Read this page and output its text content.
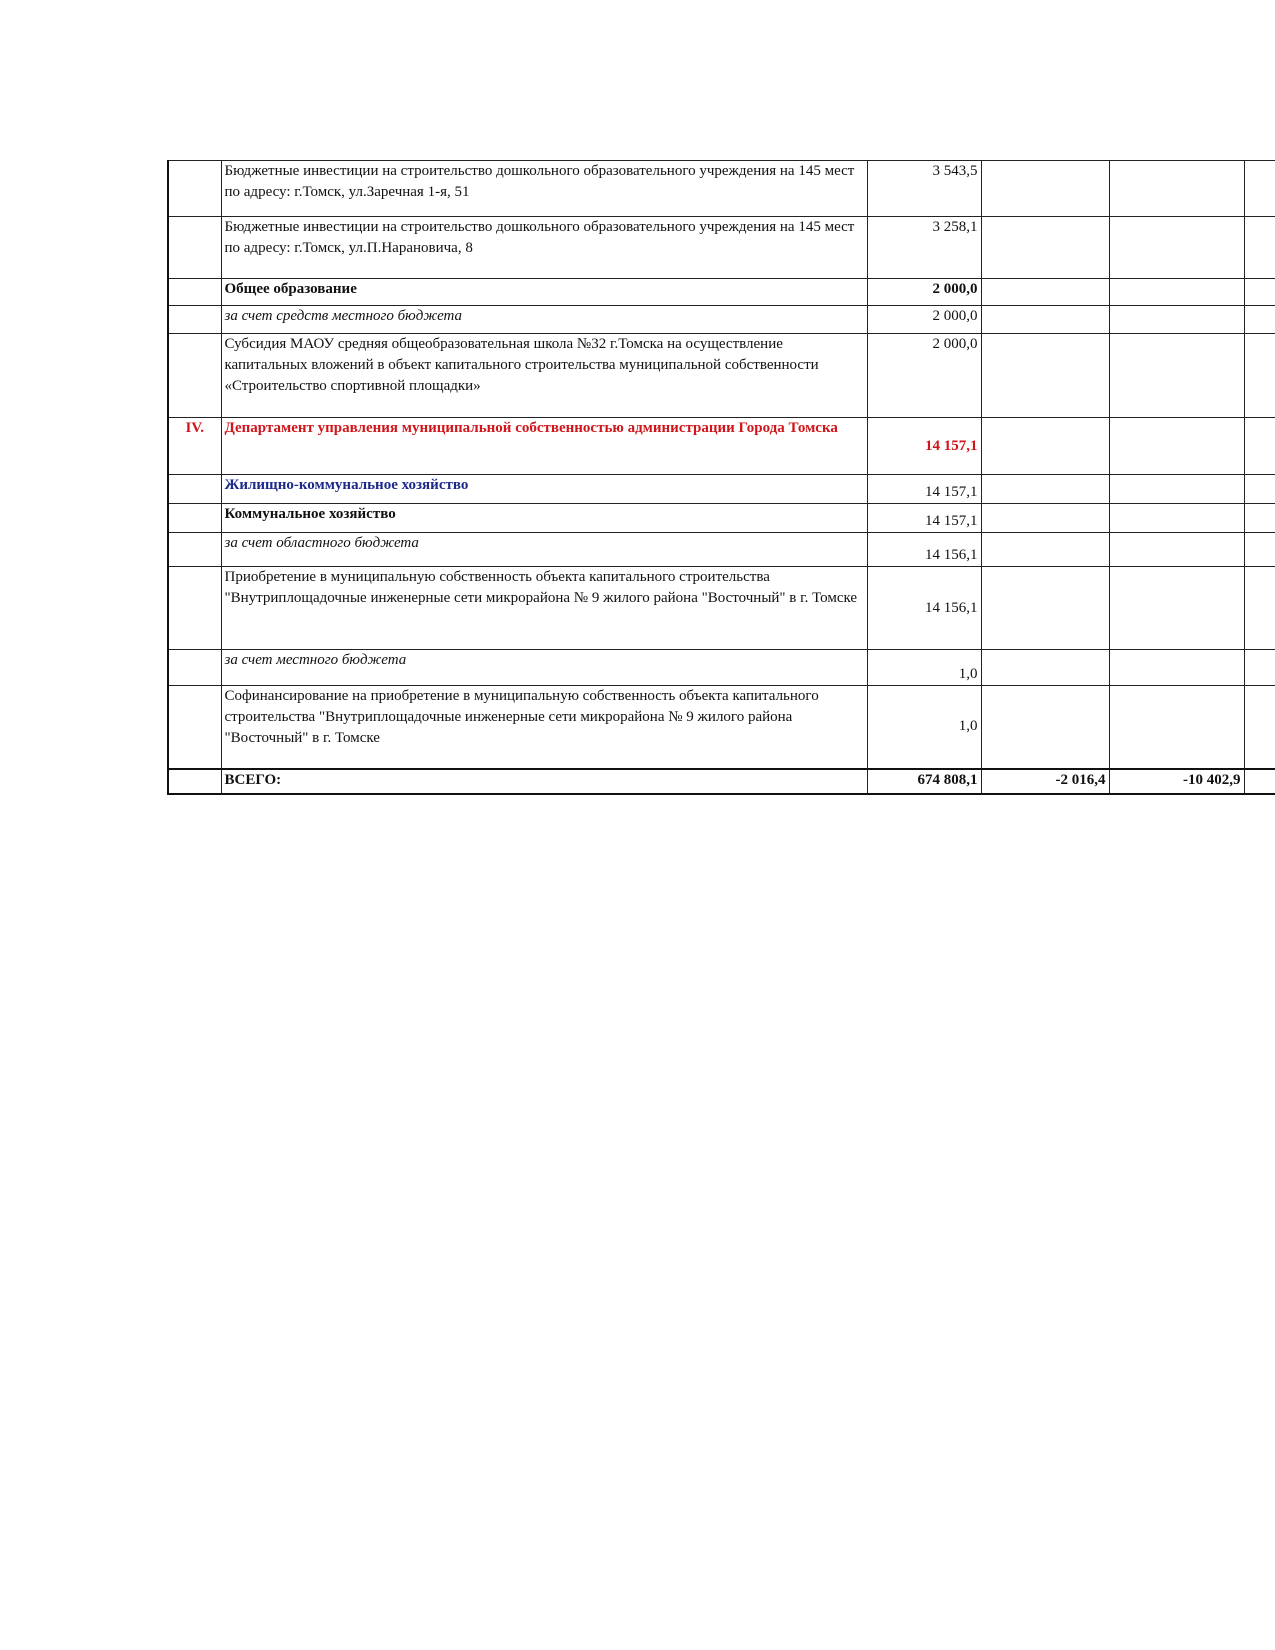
	Бюджетные инвестиции на строительство дошкольного образовательного учреждения на 145 мест по адресу: г.Томск, ул.Заречная 1-я, 51	3 543,5			
	Бюджетные инвестиции на строительство дошкольного образовательного учреждения на 145 мест по адресу: г.Томск, ул.П.Нарановича, 8	3 258,1			
	Общее образование	2 000,0			
	за счет средств местного бюджета	2 000,0			
	Субсидия МАОУ средняя общеобразовательная школа №32 г.Томска на осуществление капитальных вложений в объект капитального строительства муниципальной собственности «Строительство спортивной площадки»	2 000,0			
IV.	Департамент управления муниципальной собственностью администрации Города Томска	14 157,1			
	Жилищно-коммунальное хозяйство	14 157,1			
	Коммунальное хозяйство	14 157,1			
	за счет областного бюджета	14 156,1			
	Приобретение в муниципальную собственность объекта капитального строительства "Внутриплощадочные инженерные сети микрорайона № 9 жилого района "Восточный" в г. Томске	14 156,1			
	за счет местного бюджета	1,0			
	Софинансирование на приобретение в муниципальную собственность объекта капитального строительства "Внутриплощадочные инженерные сети микрорайона № 9 жилого района "Восточный" в г. Томске	1,0			
	ВСЕГО:	674 808,1	-2 016,4	-10 402,9	
